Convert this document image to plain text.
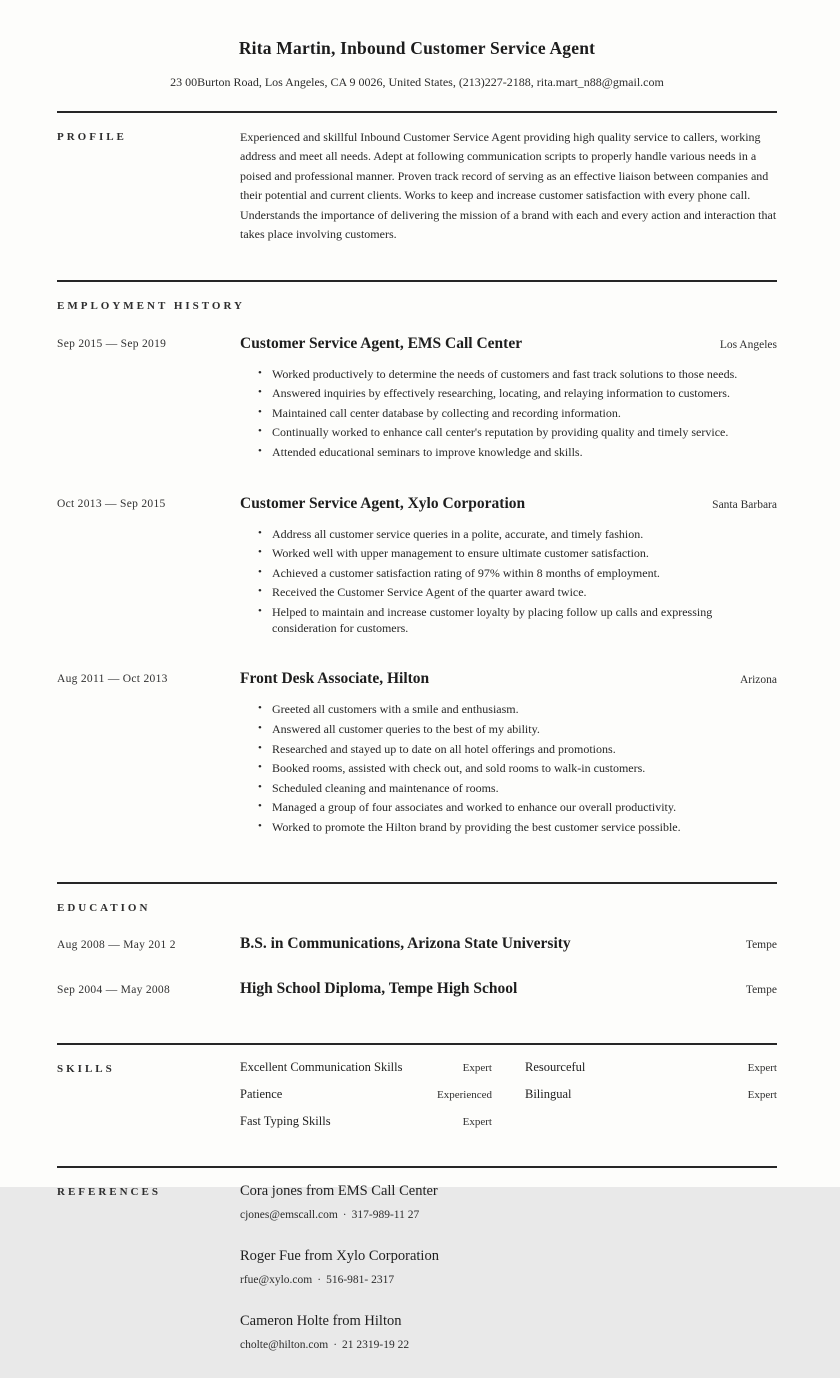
Rita Martin, Inbound Customer Service Agent
23 00Burton Road, Los Angeles, CA 9 0026, United States, (213)227-2188, rita.mart_n88@gmail.com
PROFILE	Experienced and skillful Inbound Customer Service Agent providing high quality service to callers, working address and meet all needs. Adept at following communication scripts to properly handle various needs in a poised and professional manner. Proven track record of serving as an effective liaison between companies and their potential and current clients. Works to keep and increase customer satisfaction with every phone call. Understands the importance of delivering the mission of a brand with each and every action and interaction that takes place involving customers.

EMPLOYMENT HISTORY
Sep 2015 — Sep 2019	Customer Service Agent, EMS Call Center	Los Angeles
• Worked productively to determine the needs of customers and fast track solutions to those needs.
• Answered inquiries by effectively researching, locating, and relaying information to customers.
• Maintained call center database by collecting and recording information.
• Continually worked to enhance call center's reputation by providing quality and timely service.
• Attended educational seminars to improve knowledge and skills.
Oct 2013 — Sep 2015	Customer Service Agent, Xylo Corporation	Santa Barbara
• Address all customer service queries in a polite, accurate, and timely fashion.
• Worked well with upper management to ensure ultimate customer satisfaction.
• Achieved a customer satisfaction rating of 97% within 8 months of employment.
• Received the Customer Service Agent of the quarter award twice.
• Helped to maintain and increase customer loyalty by placing follow up calls and expressing consideration for customers.
Aug 2011 — Oct 2013	Front Desk Associate, Hilton	Arizona
• Greeted all customers with a smile and enthusiasm.
• Answered all customer queries to the best of my ability.
• Researched and stayed up to date on all hotel offerings and promotions.
• Booked rooms, assisted with check out, and sold rooms to walk-in customers.
• Scheduled cleaning and maintenance of rooms.
• Managed a group of four associates and worked to enhance our overall productivity.
• Worked to promote the Hilton brand by providing the best customer service possible.
EDUCATION
Aug 2008 — May 201 2	B.S. in Communications, Arizona State University	Tempe
Sep 2004 — May 2008	High School Diploma, Tempe High School	Tempe
SKILLS	Excellent Communication Skills	Expert	Resourceful	Expert
Patience	Experienced	Bilingual	Expert
Fast Typing Skills	Expert
REFERENCES	Cora jones from EMS Call Center
cjones@emscall.com · 317-989-11 27
Roger Fue from Xylo Corporation
rfue@xylo.com · 516-981- 2317
Cameron Holte from Hilton
cholte@hilton.com · 21 2319-19 22
